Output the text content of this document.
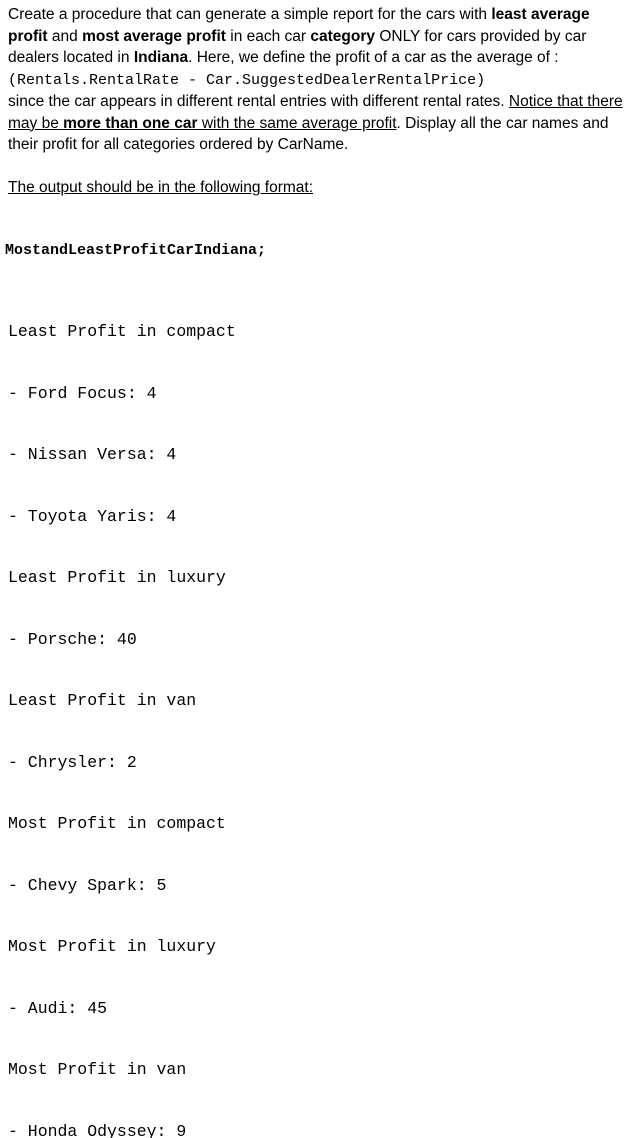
Create a procedure that can generate a simple report for the cars with least average profit and most average profit in each car category ONLY for cars provided by car dealers located in Indiana. Here, we define the profit of a car as the average of :
(Rentals.RentalRate - Car.SuggestedDealerRentalPrice)
since the car appears in different rental entries with different rental rates. Notice that there may be more than one car with the same average profit. Display all the car names and their profit for all categories ordered by CarName.

The output should be in the following format:

MostandLeastProfitCarIndiana;

Least Profit in compact

- Ford Focus: 4

- Nissan Versa: 4

- Toyota Yaris: 4

Least Profit in luxury

- Porsche: 40

Least Profit in van

- Chrysler: 2

Most Profit in compact

- Chevy Spark: 5

Most Profit in luxury

- Audi: 45

Most Profit in van

- Honda Odyssey: 9
